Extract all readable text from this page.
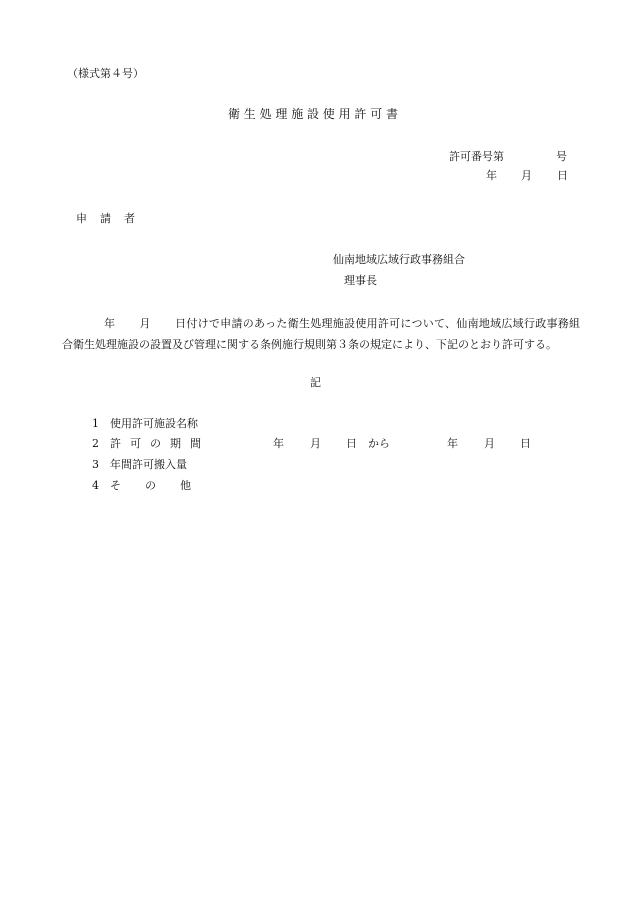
（様式第４号）
衛生処理施設使用許可書
許可番号第	号
年 月 日
申請者
仙南地域広域行政事務組合
理事長
年 月 日付けで申請のあった衛生処理施設使用許可について、仙南地域広域行政事務組合衛生処理施設の設置及び管理に関する条例施行規則第３条の規定により、下記のとおり許可する。
記
1 使用許可施設名称
2 許可の期間
3 年間許可搬入量
4 その他
年 月 日 から	年 月 日
